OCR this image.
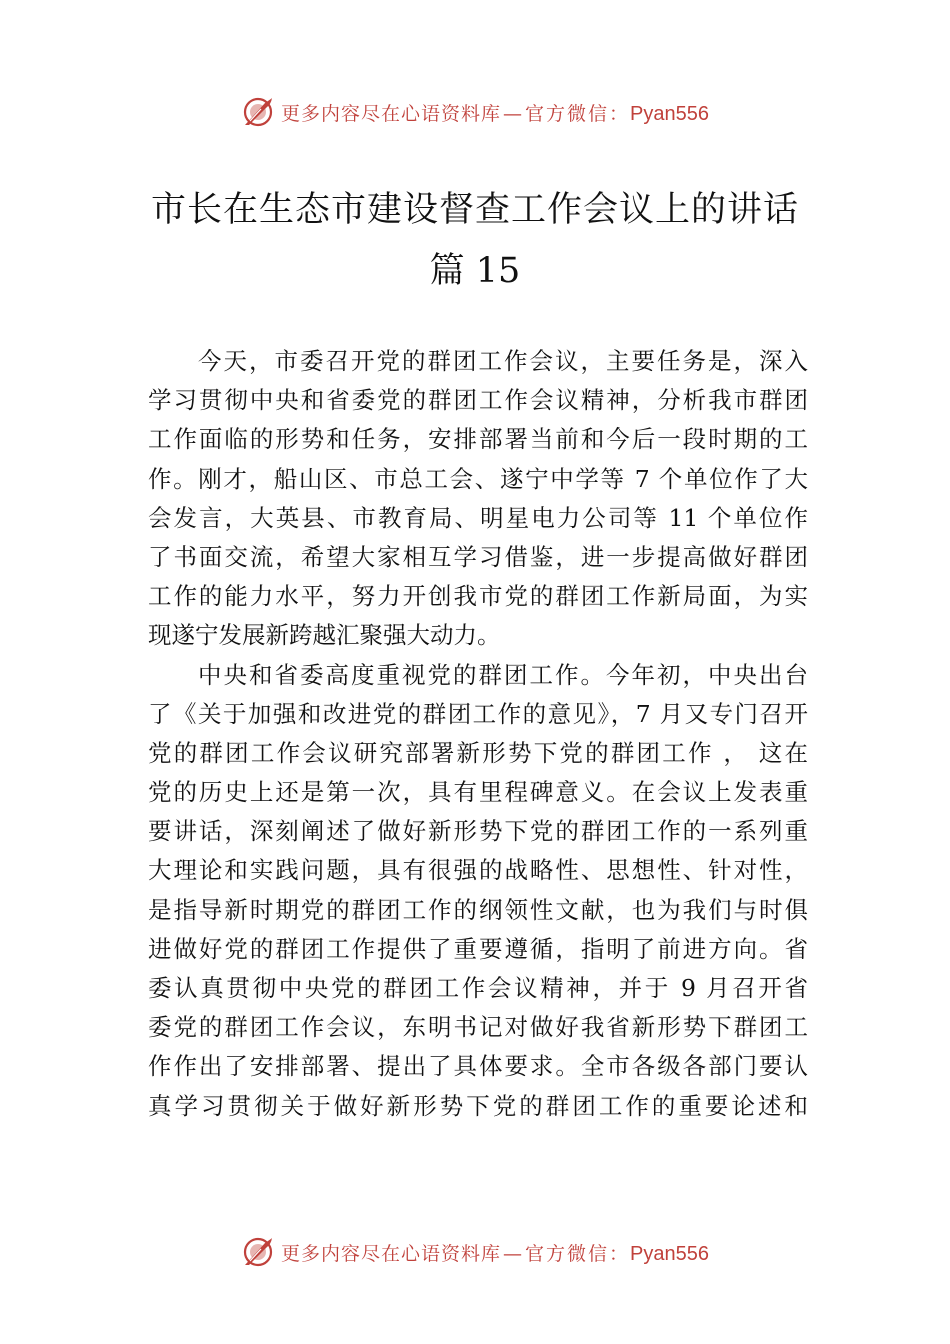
更多内容尽在心语资料库 — 官方微信：Pyan556
市长在生态市建设督查工作会议上的讲话
篇 15
今天，市委召开党的群团工作会议，主要任务是，深入
学习贯彻中央和省委党的群团工作会议精神，分析我市群团
工作面临的形势和任务，安排部署当前和今后一段时期的工
作。刚才，船山区、市总工会、遂宁中学等 7 个单位作了大
会发言，大英县、市教育局、明星电力公司等 11 个单位作
了书面交流，希望大家相互学习借鉴，进一步提高做好群团
工作的能力水平，努力开创我市党的群团工作新局面，为实
现遂宁发展新跨越汇聚强大动力。
中央和省委高度重视党的群团工作。今年初，中央出台
了《关于加强和改进党的群团工作的意见》，7 月又专门召开
党的群团工作会议研究部署新形势下党的群团工作 ， 这在
党的历史上还是第一次，具有里程碑意义。在会议上发表重
要讲话，深刻阐述了做好新形势下党的群团工作的一系列重
大理论和实践问题，具有很强的战略性、思想性、针对性，
是指导新时期党的群团工作的纲领性文献，也为我们与时俱
进做好党的群团工作提供了重要遵循，指明了前进方向。省
委认真贯彻中央党的群团工作会议精神，并于 9 月召开省
委党的群团工作会议，东明书记对做好我省新形势下群团工
作作出了安排部署、提出了具体要求。全市各级各部门要认
真学习贯彻关于做好新形势下党的群团工作的重要论述和
更多内容尽在心语资料库 — 官方微信：Pyan556
